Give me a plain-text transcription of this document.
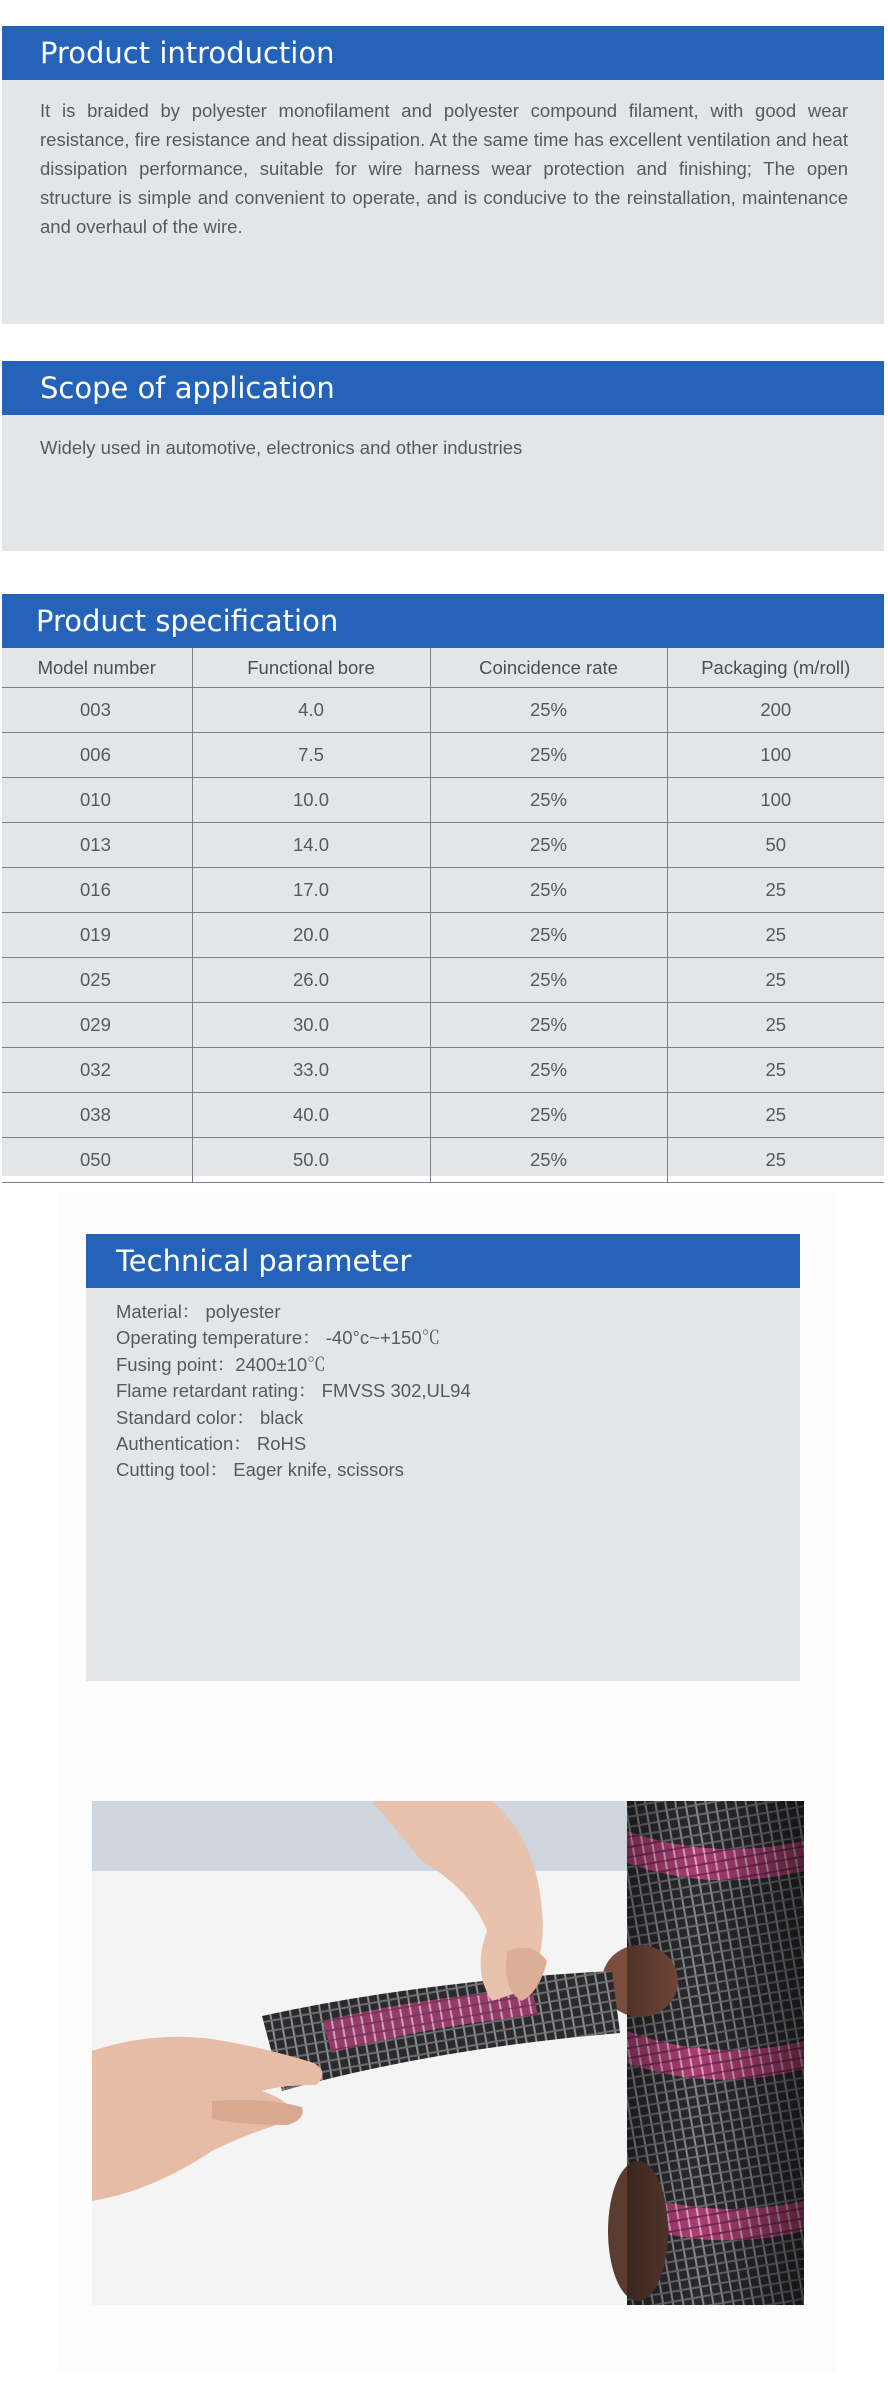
Product introduction

It is braided by polyester monofilament and polyester compound filament, with good wear resistance, fire resistance and heat dissipation. At the same time has excellent ventilation and heat dissipation performance, suitable for wire harness wear protection and finishing; The open structure is simple and convenient to operate, and is conducive to the reinstallation, maintenance and overhaul of the wire.

Scope of application

Widely used in automotive, electronics and other industries

Product specification
Model number	Functional bore	Coincidence rate	Packaging (m/roll)
003	4.0	25%	200
006	7.5	25%	100
010	10.0	25%	100
013	14.0	25%	50
016	17.0	25%	25
019	20.0	25%	25
025	26.0	25%	25
029	30.0	25%	25
032	33.0	25%	25
038	40.0	25%	25
050	50.0	25%	25
Technical parameter
Material： polyester
Operating temperature： -40°c~+150℃
Fusing point：2400±10℃
Flame retardant rating： FMVSS 302,UL94
Standard color： black
Authentication： RoHS
Cutting tool： Eager knife, scissors
